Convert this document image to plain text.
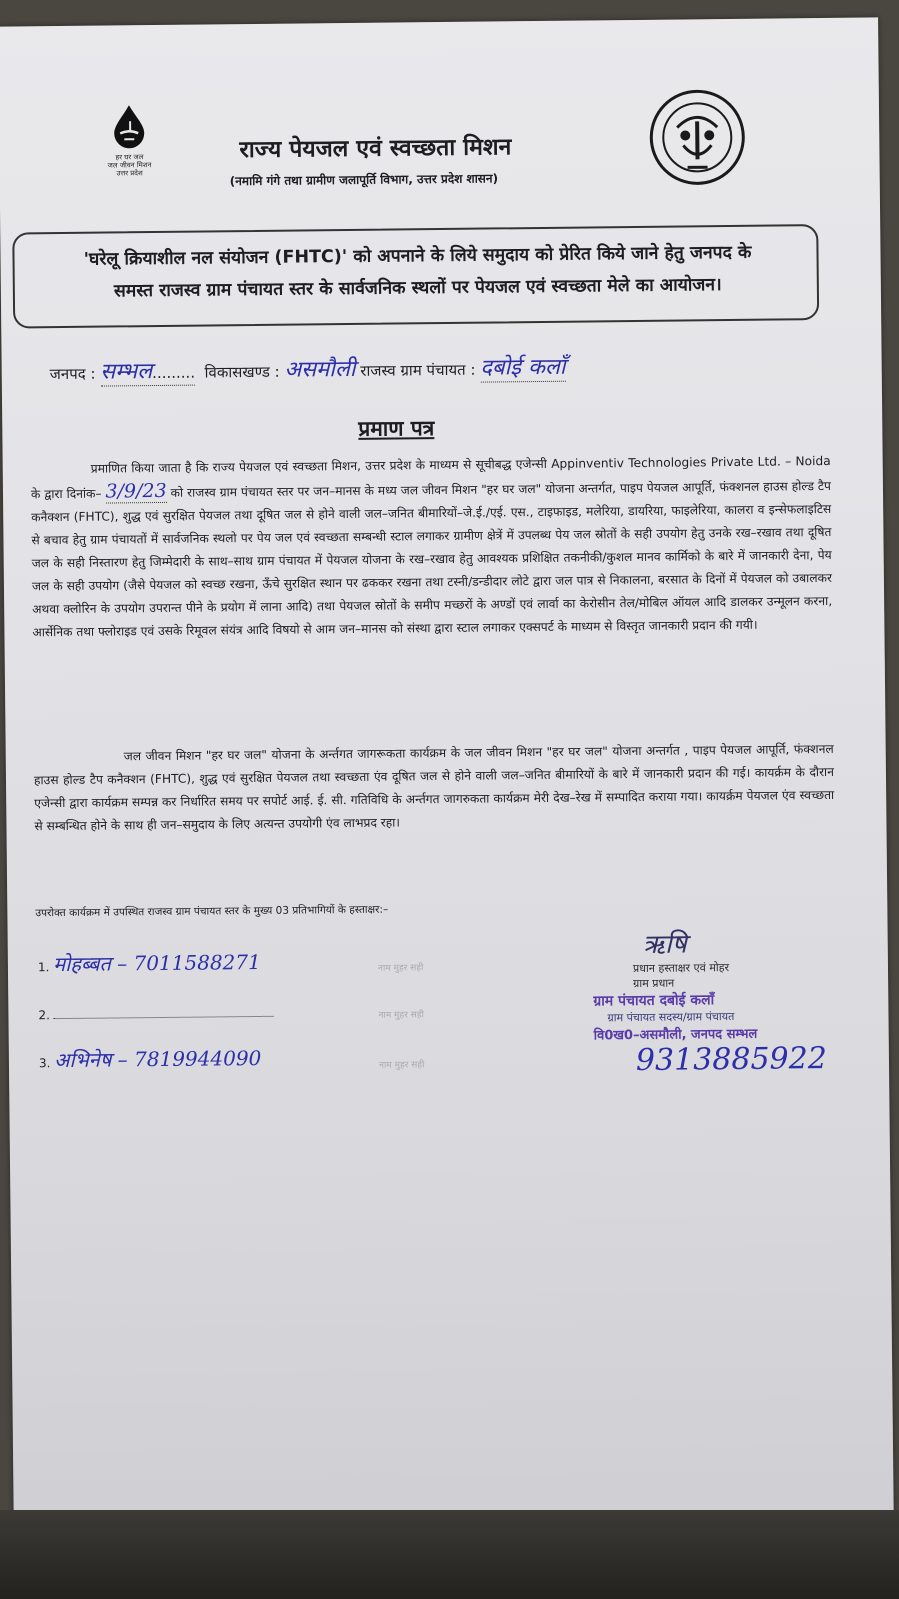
हर घर जल
जल जीवन मिशन
उत्तर प्रदेश
राज्य पेयजल एवं स्वच्छता मिशन
(नमामि गंगे तथा ग्रामीण जलापूर्ति विभाग, उत्तर प्रदेश शासन)
'घरेलू क्रियाशील नल संयोजन (FHTC)' को अपनाने के लिये समुदाय को प्रेरित किये जाने हेतु जनपद के
समस्त राजस्व ग्राम पंचायत स्तर के सार्वजनिक स्थलों पर पेयजल एवं स्वच्छता मेले का आयोजन।
जनपद : सम्भल......... विकासखण्ड : असमौली राजस्व ग्राम पंचायत : दबोई कलाँ
प्रमाण पत्र
प्रमाणित किया जाता है कि राज्य पेयजल एवं स्वच्छता मिशन, उत्तर प्रदेश के माध्यम से सूचीबद्ध एजेन्सी Appinventiv Technologies Private Ltd. – Noida के द्वारा दिनांक– 3/9/23 को राजस्व ग्राम पंचायत स्तर पर जन–मानस के मध्य जल जीवन मिशन "हर घर जल" योजना अन्तर्गत, पाइप पेयजल आपूर्ति, फंक्शनल हाउस होल्ड टैप कनैक्शन (FHTC), शुद्ध एवं सुरक्षित पेयजल तथा दूषित जल से होने वाली जल–जनित बीमारियों–जे.ई./एई. एस., टाइफाइड, मलेरिया, डायरिया, फाइलेरिया, कालरा व इन्सेफलाइटिस से बचाव हेतु ग्राम पंचायतों में सार्वजनिक स्थलो पर पेय जल एवं स्वच्छता सम्बन्धी स्टाल लगाकर ग्रामीण क्षेत्रें में उपलब्ध पेय जल स्रोतों के सही उपयोग हेतु उनके रख–रखाव तथा दूषित जल के सही निस्तारण हेतु जिम्मेदारी के साथ–साथ ग्राम पंचायत में पेयजल योजना के रख–रखाव हेतु आवश्यक प्रशिक्षित तकनीकी/कुशल मानव कार्मिको के बारे में जानकारी देना, पेय जल के सही उपयोग (जैसे पेयजल को स्वच्छ रखना, ऊँचे सुरक्षित स्थान पर ढककर रखना तथा टस्नी/डन्डीदार लोटे द्वारा जल पात्र से निकालना, बरसात के दिनों में पेयजल को उबालकर अथवा क्लोरिन के उपयोग उपरान्त पीने के प्रयोग में लाना आदि) तथा पेयजल स्रोतों के समीप मच्छरों के अण्डों एवं लार्वा का केरोसीन तेल/मोबिल ऑयल आदि डालकर उन्मूलन करना, आर्सेनिक तथा फ्लोराइड एवं उसके रिमूवल संयंत्र आदि विषयो से आम जन–मानस को संस्था द्वारा स्टाल लगाकर एक्सपर्ट के माध्यम से विस्तृत जानकारी प्रदान की गयी।
जल जीवन मिशन "हर घर जल" योजना के अर्न्तगत जागरूकता कार्यक्रम के जल जीवन मिशन "हर घर जल" योजना अन्तर्गत , पाइप पेयजल आपूर्ति, फंक्शनल हाउस होल्ड टैप कनैक्शन (FHTC), शुद्ध एवं सुरक्षित पेयजल तथा स्वच्छता एंव दूषित जल से होने वाली जल–जनित बीमारियों के बारे में जानकारी प्रदान की गई। कायर्क्रम के दौरान एजेन्सी द्वारा कार्यक्रम सम्पन्न कर निर्धारित समय पर सपोर्ट आई. ई. सी. गतिविधि के अर्न्तगत जागरुकता कार्यक्रम मेरी देख–रेख में सम्पादित कराया गया। कायर्क्रम पेयजल एंव स्वच्छता से सम्बन्धित होने के साथ ही जन–समुदाय के लिए अत्यन्त उपयोगी एंव लाभप्रद रहा।
उपरोक्त कार्यक्रम में उपस्थित राजस्व ग्राम पंचायत स्तर के मुख्य 03 प्रतिभागियों के हस्ताक्षर:–
1. मोहब्बत – 7011588271	नाम मुहर सही
2.	नाम मुहर सही
3. अभिनेष – 7819944090	नाम मुहर सही
ऋषि
प्रधान हस्ताक्षर एवं मोहर
ग्राम प्रधान
ग्राम पंचायत दबोई कलाँ
ग्राम पंचायत सदस्य/ग्राम पंचायत
वि0ख0–असमौली, जनपद सम्भल
9313885922
